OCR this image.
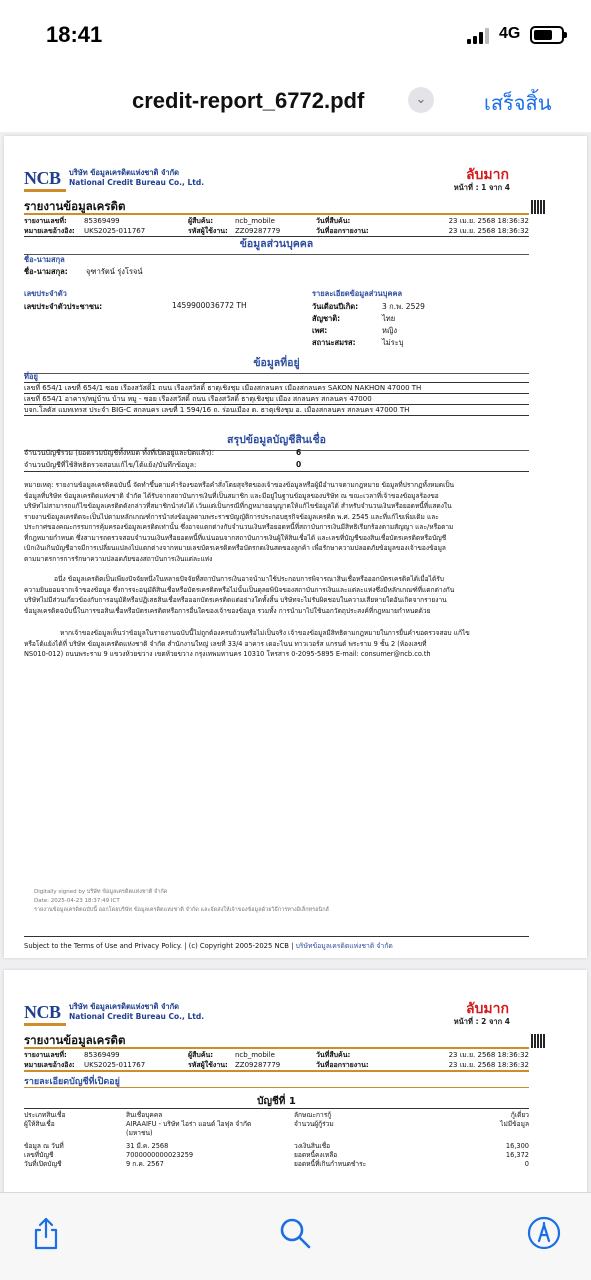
18:41	4G
credit-report_6772.pdf	⌄	เสร็จสิ้น
NCB บริษัท ข้อมูลเครดิตแห่งชาติ จำกัด
National Credit Bureau Co., Ltd.	ลับมาก
หน้าที่ : 1 จาก 4
รายงานข้อมูลเครดิต
รายงานเลขที่:	85369499	ผู้สืบค้น:	ncb_mobile	วันที่สืบค้น:	23 เม.ย. 2568 18:36:32
หมายเลขอ้างอิง:	UKS2025-011767	รหัสผู้ใช้งาน:	ZZ09287779	วันที่ออกรายงาน:	23 เม.ย. 2568 18:36:32
ข้อมูลส่วนบุคคล
ชื่อ-นามสกุล
ชื่อ-นามสกุล: จุฑารัตน์ รุ่งโรจน์
เลขประจำตัว
เลขประจำตัวประชาชน:	1459900036772 TH
รายละเอียดข้อมูลส่วนบุคคล
วันเดือนปีเกิด:	3 ก.พ. 2529
สัญชาติ:	ไทย
เพศ:	หญิง
สถานะสมรส:	ไม่ระบุ
ข้อมูลที่อยู่
ที่อยู่
เลขที่ 654/1 เลขที่ 654/1 ซอย เรืองสวัสดิ์1 ถนน เรืองสวัสดิ์ ธาตุเชิงชุม เมืองสกลนคร เมืองสกลนคร SAKON NAKHON 47000 TH
เลขที่ 654/1 อาคาร/หมู่บ้าน บ้าน หมู - ซอย เรืองสวัสดิ์ ถนน เรืองสวัสดิ์ ธาตุเชิงชุม เมือง สกลนคร สกลนคร 47000
บจก.โลตัส แมทเทรส ประจำ BIG-C สกลนคร เลขที่ 1 594/16 ถ. ร่อนเมือง ต. ธาตุเชิงชุม อ. เมืองสกลนคร สกลนคร 47000 TH
สรุปข้อมูลบัญชีสินเชื่อ
จำนวนบัญชีรวม (ยอดรวมบัญชีทั้งหมด ทั้งที่เปิดอยู่และปิดแล้ว):	6
จำนวนบัญชีที่ใช้สิทธิตรวจสอบแก้ไข/โต้แย้ง/บันทึกข้อมูล:	0
หมายเหตุ: รายงานข้อมูลเครดิตฉบับนี้ จัดทำขึ้นตามคำร้องขอหรือคำสั่งโดยสุจริตของเจ้าของข้อมูลหรือผู้มีอำนาจตามกฎหมาย ข้อมูลที่ปรากฏทั้งหมดเป็น
ข้อมูลที่บริษัท ข้อมูลเครดิตแห่งชาติ จำกัด ได้รับจากสถาบันการเงินที่เป็นสมาชิก และมีอยู่ในฐานข้อมูลของบริษัท ณ ขณะเวลาที่เจ้าของข้อมูลร้องขอ
บริษัทไม่สามารถแก้ไขข้อมูลเครดิตดังกล่าวที่สมาชิกนำส่งได้ เว้นแต่เป็นกรณีที่กฎหมายอนุญาตให้แก้ไขข้อมูลได้ สำหรับจำนวนเงินหรือยอดหนี้ที่แสดงใน
รายงานข้อมูลเครดิตจะเป็นไปตามหลักเกณฑ์การนำส่งข้อมูลตามพระราชบัญญัติการประกอบธุรกิจข้อมูลเครดิต พ.ศ. 2545 และที่แก้ไขเพิ่มเติม และ
ประกาศของคณะกรรมการคุ้มครองข้อมูลเครดิตเท่านั้น ซึ่งอาจแตกต่างกับจำนวนเงินหรือยอดหนี้ที่สถาบันการเงินมีสิทธิเรียกร้องตามสัญญา และ/หรือตาม
ที่กฎหมายกำหนด ซึ่งสามารถตรวจสอบจำนวนเงินหรือยอดหนี้ที่แน่นอนจากสถาบันการเงินผู้ให้สินเชื่อได้ และเลขที่บัญชีของสินเชื่อบัตรเครดิตหรือบัญชี
เบิกเงินเกินบัญชีอาจมีการเปลี่ยนแปลงไปแตกต่างจากหมายเลขบัตรเครดิตหรือบัตรกดเงินสดของลูกค้า เพื่อรักษาความปลอดภัยข้อมูลของเจ้าของข้อมูล
ตามมาตรการการรักษาความปลอดภัยของสถาบันการเงินแต่ละแห่ง
อนึ่ง ข้อมูลเครดิตเป็นเพียงปัจจัยหนึ่งในหลายปัจจัยที่สถาบันการเงินอาจนำมาใช้ประกอบการพิจารณาสินเชื่อหรือออกบัตรเครดิตได้เมื่อได้รับ
ความยินยอมจากเจ้าของข้อมูล ซึ่งการจะอนุมัติสินเชื่อหรือบัตรเครดิตหรือไม่นั้นเป็นดุลยพินิจของสถาบันการเงินและแต่ละแห่งซึ่งมีหลักเกณฑ์ที่แตกต่างกัน
บริษัทไม่มีส่วนเกี่ยวข้องกับการอนุมัติหรือปฏิเสธสินเชื่อหรือออกบัตรเครดิตแต่อย่างใดทั้งสิ้น บริษัทจะไม่รับผิดชอบในความเสียหายใดอันเกิดจากรายงาน
ข้อมูลเครดิตฉบับนี้ในการขอสินเชื่อหรือบัตรเครดิตหรือการอื่นใดของเจ้าของข้อมูล รวมทั้ง การนำมาไปใช้นอกวัตถุประสงค์ที่กฎหมายกำหนดด้วย
หากเจ้าของข้อมูลเห็นว่าข้อมูลในรายงานฉบับนี้ไม่ถูกต้องครบถ้วนหรือไม่เป็นจริง เจ้าของข้อมูลมีสิทธิตามกฎหมายในการยื่นคำขอตรวจสอบ แก้ไข
หรือโต้แย้งได้ที่ บริษัท ข้อมูลเครดิตแห่งชาติ จำกัด สำนักงานใหญ่ เลขที่ 33/4 อาคาร เดอะไนน ทาวเวอร์ส แกรนด์ พระราม 9 ชั้น 2 (ห้องเลขที่
NS010-012) ถนนพระราม 9 แขวงห้วยขวาง เขตห้วยขวาง กรุงเทพมหานคร 10310 โทรสาร 0-2095-5895 E-mail: consumer@ncb.co.th
Digitally signed by บริษัท ข้อมูลเครดิตแห่งชาติ จำกัด
Date: 2025-04-23 18:37:49 ICT
รายงานข้อมูลเครดิตฉบับนี้ ออกโดยบริษัท ข้อมูลเครดิตแห่งชาติ จำกัด และจัดส่งให้เจ้าของข้อมูลด้วยวิธีการทางอิเล็กทรอนิกส์
Subject to the Terms of Use and Privacy Policy. | (c) Copyright 2005-2025 NCB | บริษัทข้อมูลเครดิตแห่งชาติ จำกัด
NCB บริษัท ข้อมูลเครดิตแห่งชาติ จำกัด
National Credit Bureau Co., Ltd.	ลับมาก
หน้าที่ : 2 จาก 4
รายงานข้อมูลเครดิต
รายงานเลขที่:	85369499	ผู้สืบค้น:	ncb_mobile	วันที่สืบค้น:	23 เม.ย. 2568 18:36:32
หมายเลขอ้างอิง:	UKS2025-011767	รหัสผู้ใช้งาน:	ZZ09287779	วันที่ออกรายงาน:	23 เม.ย. 2568 18:36:32
รายละเอียดบัญชีที่เปิดอยู่
บัญชีที่ 1
ประเภทสินเชื่อ	สินเชื่อบุคคล	ลักษณะการกู้	กู้เดี่ยว
ผู้ให้สินเชื่อ	AIRAAIFU - บริษัท ไอร่า แอนด์ ไอฟุล จำกัด	จำนวนผู้กู้ร่วม	ไม่มีข้อมูล
(มหาชน)
ข้อมูล ณ วันที่	31 มี.ค. 2568	วงเงินสินเชื่อ	16,300
เลขที่บัญชี	7000000000023259	ยอดหนี้คงเหลือ	16,372
วันที่เปิดบัญชี	9 ก.ค. 2567	ยอดหนี้ที่เกินกำหนดชำระ	0
